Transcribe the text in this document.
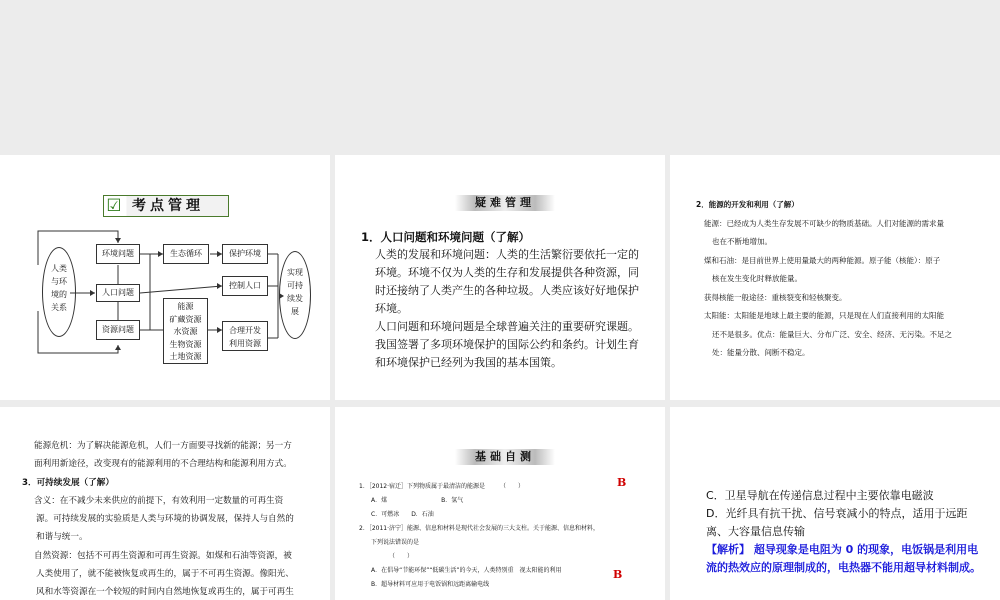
☑ 考点管理
人类
与环
境的
关系
环境问题
人口问题
资源问题
生态循环	保护环境
控制人口
能源
矿藏资源
水资源
生物资源
土地资源
合理开发
利用资源
实现
可持
续发
展
疑难管理
1．人口问题和环境问题（了解）
人类的发展和环境问题：人类的生活繁衍要依托一定的
环境。环境不仅为人类的生存和发展提供各种资源，同
时还接纳了人类产生的各种垃圾。人类应该好好地保护
环境。
人口问题和环境问题是全球普遍关注的重要研究课题。
我国签署了多项环境保护的国际公约和条约。计划生育
和环境保护已经列为我国的基本国策。

2．能源的开发和利用（了解）

能源：已经成为人类生存发展不可缺少的物质基础。人们对能源的需求量

也在不断地增加。

煤和石油：是目前世界上使用量最大的两种能源。原子能（核能）：原子

核在发生变化时释放能量。

获得核能一般途径：重核裂变和轻核聚变。

太阳能：太阳能是地球上最主要的能源，只是现在人们直接利用的太阳能

还不是很多。优点：能量巨大、分布广泛、安全、经济、无污染。不足之

处：能量分散、间断不稳定。

能源危机：为了解决能源危机，人们一方面要寻找新的能源；另一方
面利用新途径，改变现有的能源利用的不合理结构和能源利用方式。
3．可持续发展（了解）
含义：在不减少未来供应的前提下，有效利用一定数量的可再生资
源。可持续发展的实验质是人类与环境的协调发展，保持人与自然的
和谐与统一。
自然资源：包括不可再生资源和可再生资源。如煤和石油等资源，被
人类使用了，就不能被恢复或再生的，属于不可再生资源。像阳光、
风和水等资源在一个较短的时间内自然地恢复或再生的，属于可再生
基础自测

1．［2012·宿迁］下列物质属于最清洁的能源是　　　（　　）

A．煤　　　　　　　　　B．氢气

C．可燃冰　　D．石油

2．［2011·济宁］能源、信息和材料是现代社会发展的三大支柱。关于能源、信息和材料，

下列说法错误的是

（　　）

A．在倡导“节能环保”“低碳生活”的今天，人类特别重　视太阳能的利用

B．超导材料可应用于电饭锅和远距离输电线

B
B

C．卫星导航在传递信息过程中主要依靠电磁波

D．光纤具有抗干扰、信号衰减小的特点，适用于远距

离、大容量信息传输

【解析】 超导现象是电阻为 0 的现象，电饭锅是利用电

流的热效应的原理制成的，电热器不能用超导材料制成。
